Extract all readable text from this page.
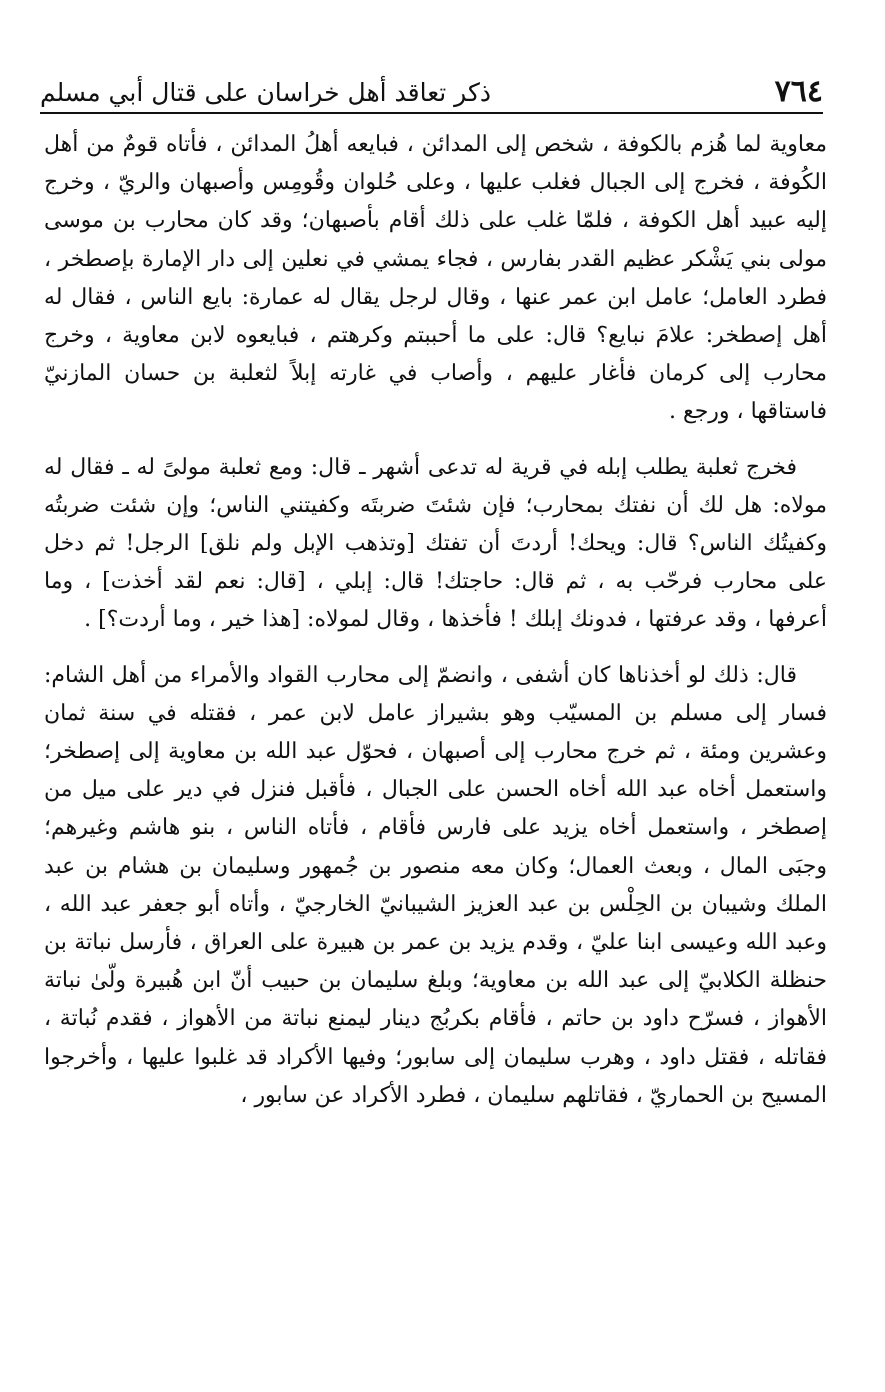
٧٦٤
ذكر تعاقد أهل خراسان على قتال أبي مسلم

معاوية لما هُزم بالكوفة ، شخص إلى المدائن ، فبايعه أهلُ المدائن ، فأتاه قومٌ من أهل الكُوفة ، فخرج إلى الجبال فغلب عليها ، وعلى حُلوان وقُومِس وأصبهان والريّ ، وخرج إليه عبيد أهل الكوفة ، فلمّا غلب على ذلك أقام بأصبهان؛ وقد كان محارب بن موسى مولى بني يَشْكر عظيم القدر بفارس ، فجاء يمشي في نعلين إلى دار الإمارة بإصطخر ، فطرد العامل؛ عامل ابن عمر عنها ، وقال لرجل يقال له عمارة: بايع الناس ، فقال له أهل إصطخر: علامَ نبايع؟ قال: على ما أحببتم وكرهتم ، فبايعوه لابن معاوية ، وخرج محارب إلى كرمان فأغار عليهم ، وأصاب في غارته إبلاً لثعلبة بن حسان المازنيّ فاستاقها ، ورجع .

فخرج ثعلبة يطلب إبله في قرية له تدعى أشهر ـ قال: ومع ثعلبة مولىً له ـ فقال له مولاه: هل لك أن نفتك بمحارب؛ فإن شئتَ ضربتَه وكفيتني الناس؛ وإن شئت ضربتُه وكفيتُك الناس؟ قال: ويحك! أردتَ أن تفتك [وتذهب الإبل ولم نلق] الرجل! ثم دخل على محارب فرحّب به ، ثم قال: حاجتك! قال: إبلي ، [قال: نعم لقد أخذت] ، وما أعرفها ، وقد عرفتها ، فدونك إبلك ! فأخذها ، وقال لمولاه: [هذا خير ، وما أردت؟] .

قال: ذلك لو أخذناها كان أشفى ، وانضمّ إلى محارب القواد والأمراء من أهل الشام: فسار إلى مسلم بن المسيّب وهو بشيراز عامل لابن عمر ، فقتله في سنة ثمان وعشرين ومئة ، ثم خرج محارب إلى أصبهان ، فحوّل عبد الله بن معاوية إلى إصطخر؛ واستعمل أخاه عبد الله أخاه الحسن على الجبال ، فأقبل فنزل في دير على ميل من إصطخر ، واستعمل أخاه يزيد على فارس فأقام ، فأتاه الناس ، بنو هاشم وغيرهم؛ وجبَى المال ، وبعث العمال؛ وكان معه منصور بن جُمهور وسليمان بن هشام بن عبد الملك وشيبان بن الحِلْس بن عبد العزيز الشيبانيّ الخارجيّ ، وأتاه أبو جعفر عبد الله ، وعبد الله وعيسى ابنا عليّ ، وقدم يزيد بن عمر بن هبيرة على العراق ، فأرسل نباتة بن حنظلة الكلابيّ إلى عبد الله بن معاوية؛ وبلغ سليمان بن حبيب أنّ ابن هُبيرة ولّىٰ نباتة الأهواز ، فسرّح داود بن حاتم ، فأقام بكربُج دينار ليمنع نباتة من الأهواز ، فقدم نُباتة ، فقاتله ، فقتل داود ، وهرب سليمان إلى سابور؛ وفيها الأكراد قد غلبوا عليها ، وأخرجوا المسيح بن الحماريّ ، فقاتلهم سليمان ، فطرد الأكراد عن سابور ،
